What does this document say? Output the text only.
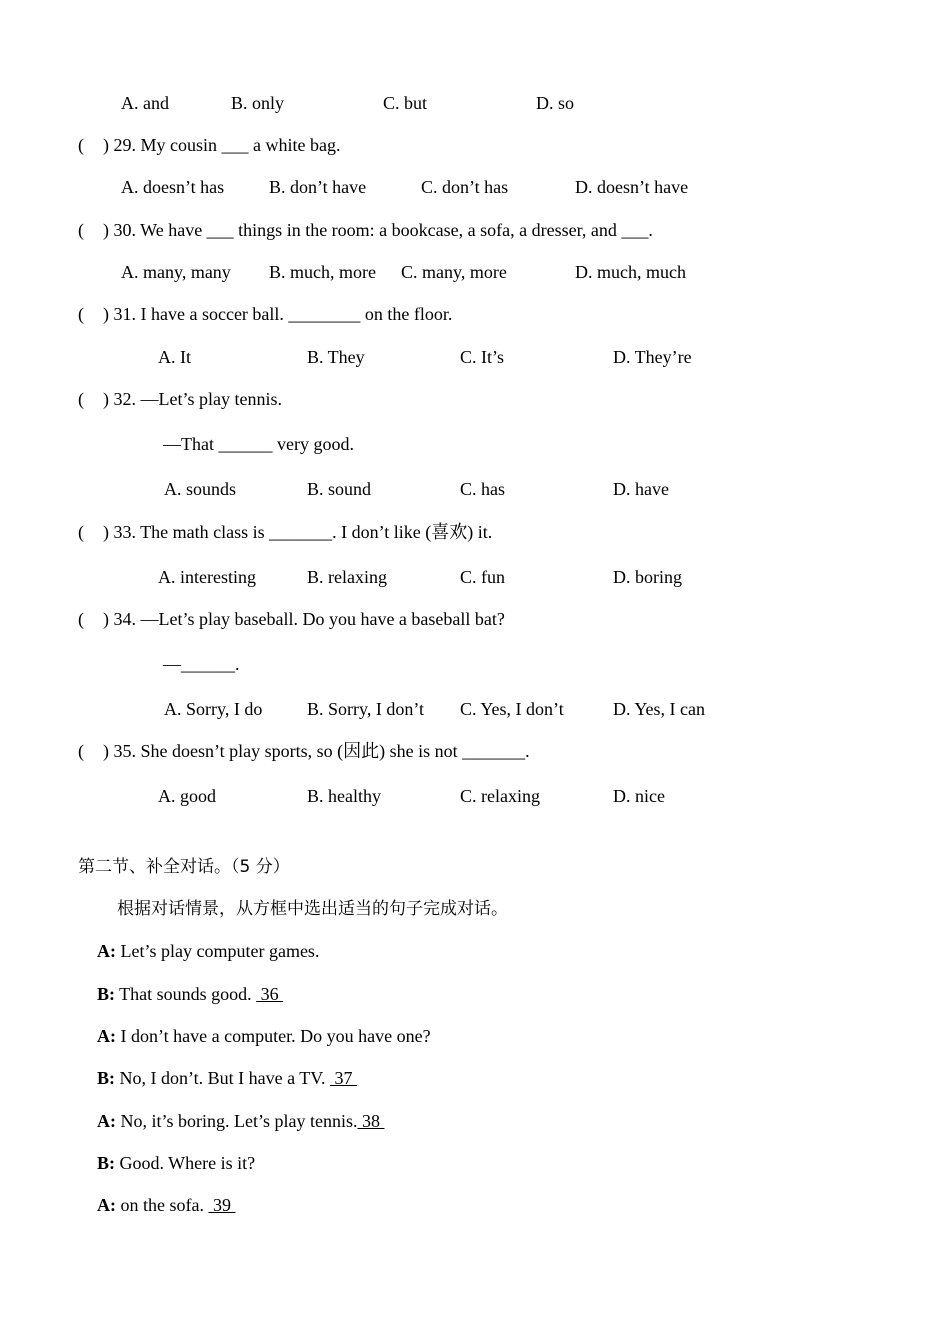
A. and	B. only	C. but	D. so
( ) 29. My cousin ___ a white bag.
A. doesn’t has B. don’t have	C. don’t has	D. doesn’t have
( ) 30. We have ___ things in the room: a bookcase, a sofa, a dresser, and ___.
A. many, many B. much, more C. many, more	D. much, much
( ) 31. I have a soccer ball. ________ on the floor.
A. It	B. They	C. It’s	D. They’re
( ) 32. —Let’s play tennis.
—That ______ very good.
A. sounds	B. sound	C. has	D. have
( ) 33. The math class is _______. I don’t like (喜欢) it.
A. interesting	B. relaxing	C. fun	D. boring
( ) 34. —Let’s play baseball. Do you have a baseball bat?
—______.
A. Sorry, I do B. Sorry, I don’t C. Yes, I don’t	D. Yes, I can
( ) 35. She doesn’t play sports, so (因此) she is not _______.
A. good	B. healthy	C. relaxing	D. nice
第二节、补全对话。（5 分）
根据对话情景，从方框中选出适当的句子完成对话。
A: Let’s play computer games.
B: That sounds good.  36
A: I don’t have a computer. Do you have one?
B: No, I don’t. But I have a TV.  37
A: No, it’s boring. Let’s play tennis. 38
B: Good. Where is it?
A: on the sofa.  39
